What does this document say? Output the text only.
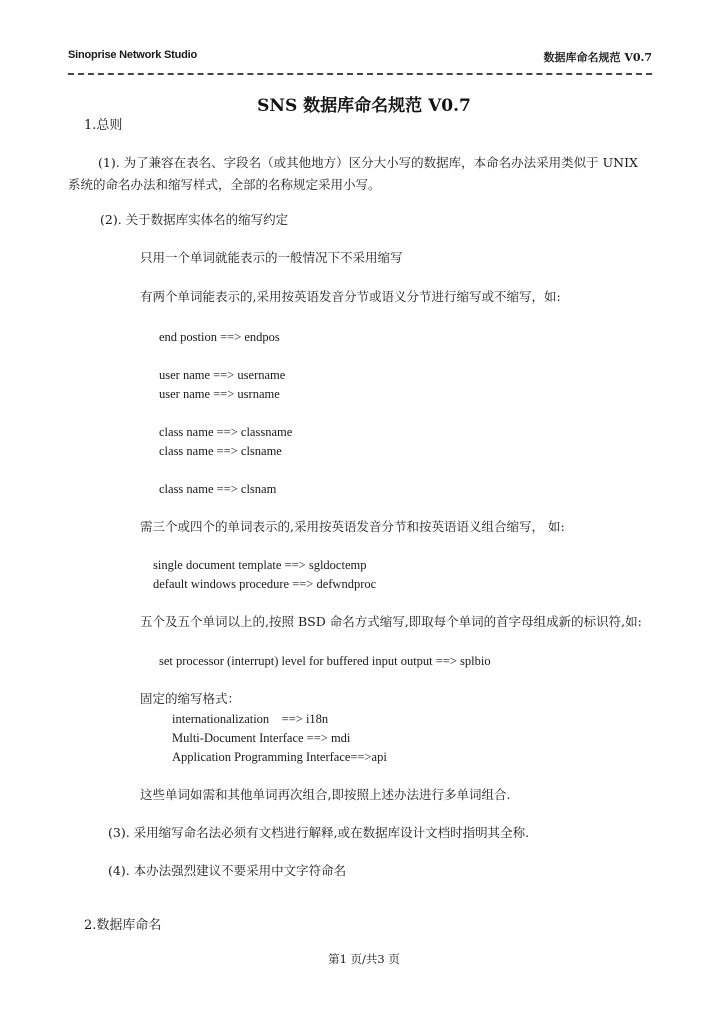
Sinoprise Network Studio	数据库命名规范 V0.7
SNS 数据库命名规范 V0.7
1.总则
(1). 为了兼容在表名、字段名（或其他地方）区分大小写的数据库，本命名办法采用类似于 UNIX
系统的命名办法和缩写样式，全部的名称规定采用小写。
(2). 关于数据库实体名的缩写约定
只用一个单词就能表示的一般情况下不采用缩写
有两个单词能表示的,采用按英语发音分节或语义分节进行缩写或不缩写，如:
end postion ==> endpos
user name ==> username
user name ==> usrname
class name ==> classname
class name ==> clsname
class name ==> clsnam
需三个或四个的单词表示的,采用按英语发音分节和按英语语义组合缩写， 如:
single document template ==> sgldoctemp
default windows procedure ==> defwndproc
五个及五个单词以上的,按照 BSD 命名方式缩写,即取每个单词的首字母组成新的标识符,如:
set processor (interrupt) level for buffered input output ==> splbio
固定的缩写格式：
internationalization    ==> i18n
Multi-Document Interface ==> mdi
Application Programming Interface==>api
这些单词如需和其他单词再次组合,即按照上述办法进行多单词组合.
(3). 采用缩写命名法必须有文档进行解释,或在数据库设计文档时指明其全称.
(4). 本办法强烈建议不要采用中文字符命名
2.数据库命名
第1 页/共3 页
